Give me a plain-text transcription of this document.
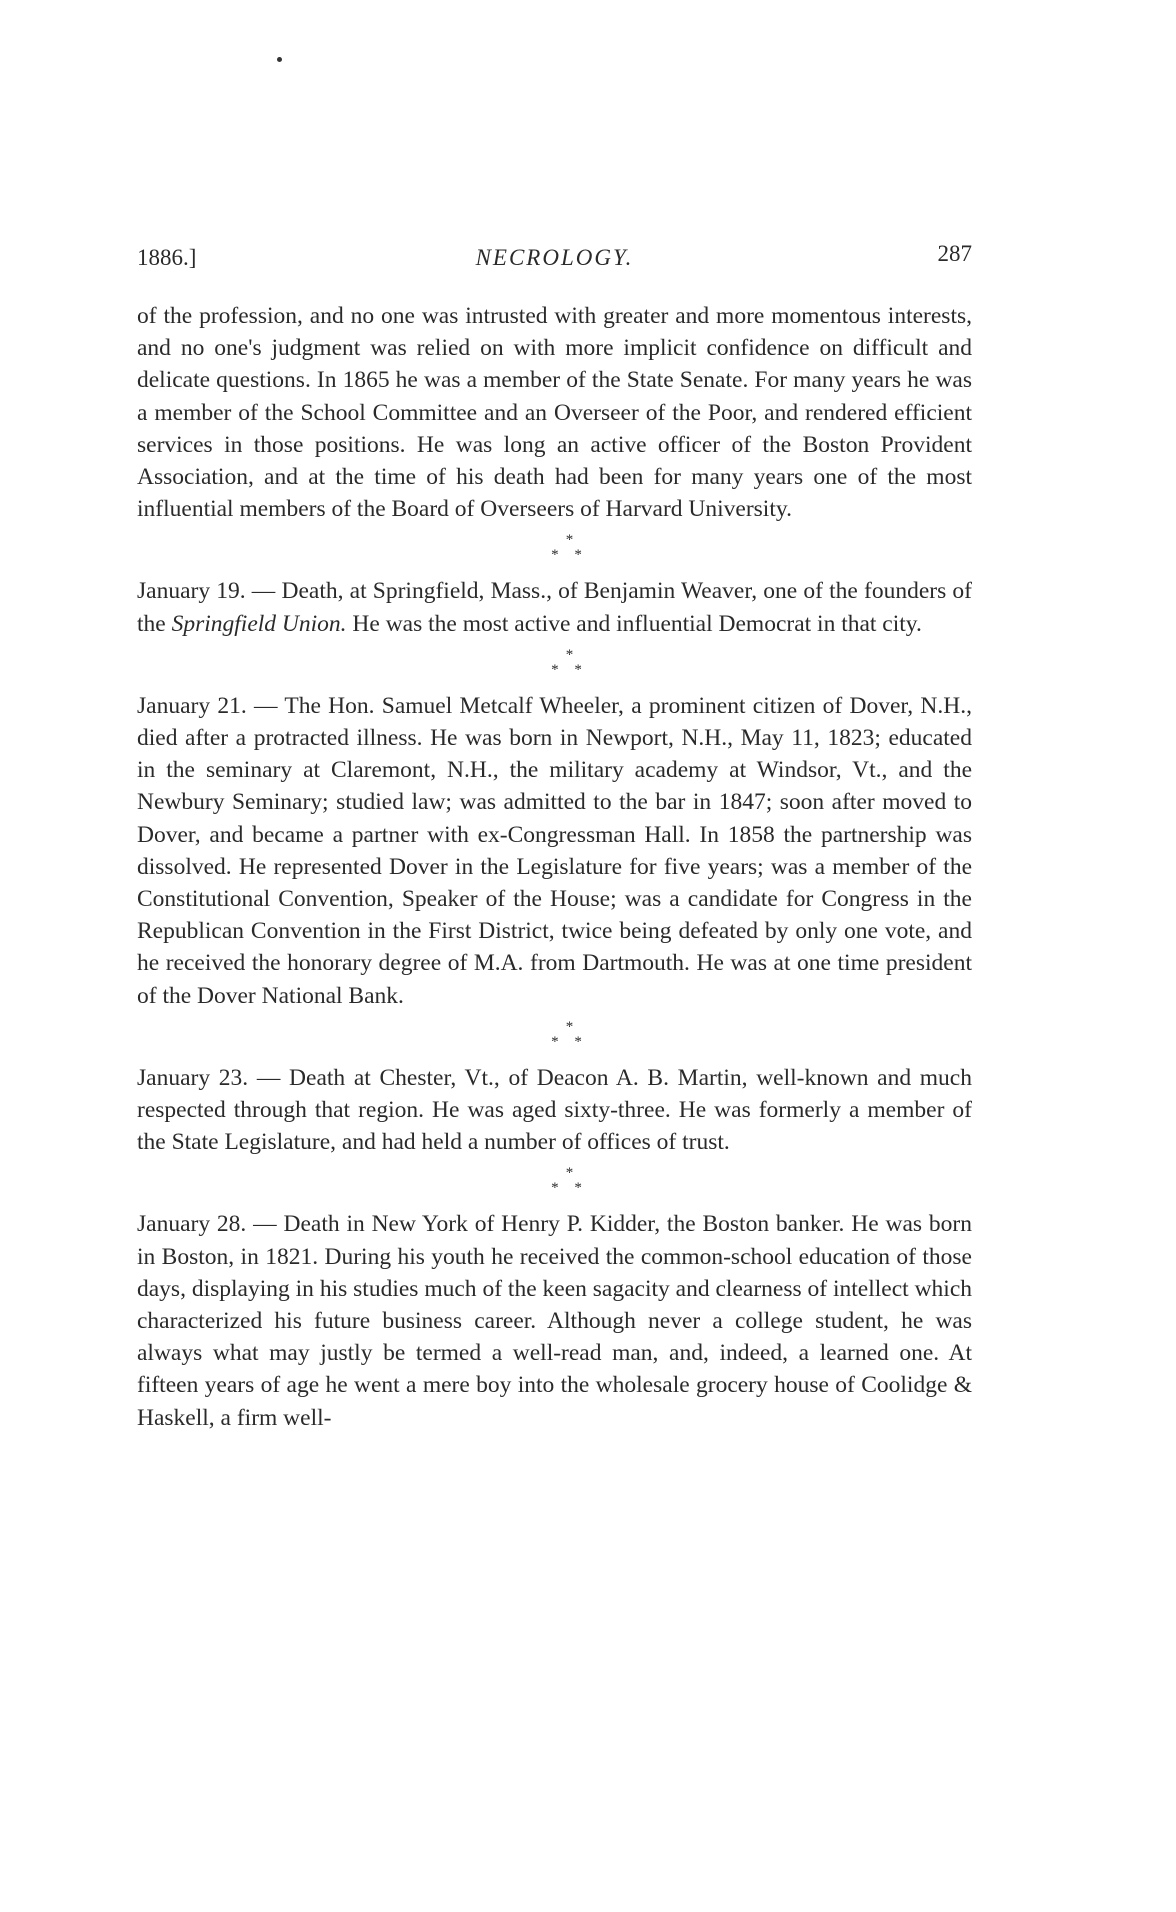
1886.]	NECROLOGY.	287

of the profession, and no one was intrusted with greater and more momentous interests, and no one's judgment was relied on with more implicit confidence on difficult and delicate questions. In 1865 he was a member of the State Senate. For many years he was a member of the School Committee and an Overseer of the Poor, and rendered efficient services in those positions. He was long an active officer of the Boston Provident Association, and at the time of his death had been for many years one of the most influential members of the Board of Overseers of Harvard University.

*
* *

January 19. — Death, at Springfield, Mass., of Benjamin Weaver, one of the founders of the Springfield Union. He was the most active and influential Democrat in that city.

*
* *

January 21. — The Hon. Samuel Metcalf Wheeler, a prominent citizen of Dover, N.H., died after a protracted illness. He was born in Newport, N.H., May 11, 1823; educated in the seminary at Claremont, N.H., the military academy at Windsor, Vt., and the Newbury Seminary; studied law; was admitted to the bar in 1847; soon after moved to Dover, and became a partner with ex-Congressman Hall. In 1858 the partnership was dissolved. He represented Dover in the Legislature for five years; was a member of the Constitutional Convention, Speaker of the House; was a candidate for Congress in the Republican Convention in the First District, twice being defeated by only one vote, and he received the honorary degree of M.A. from Dartmouth. He was at one time president of the Dover National Bank.

*
* *

January 23. — Death at Chester, Vt., of Deacon A. B. Martin, well-known and much respected through that region. He was aged sixty-three. He was formerly a member of the State Legislature, and had held a number of offices of trust.

*
* *

January 28. — Death in New York of Henry P. Kidder, the Boston banker. He was born in Boston, in 1821. During his youth he received the common-school education of those days, displaying in his studies much of the keen sagacity and clearness of intellect which characterized his future business career. Although never a college student, he was always what may justly be termed a well-read man, and, indeed, a learned one. At fifteen years of age he went a mere boy into the wholesale grocery house of Coolidge & Haskell, a firm well-
